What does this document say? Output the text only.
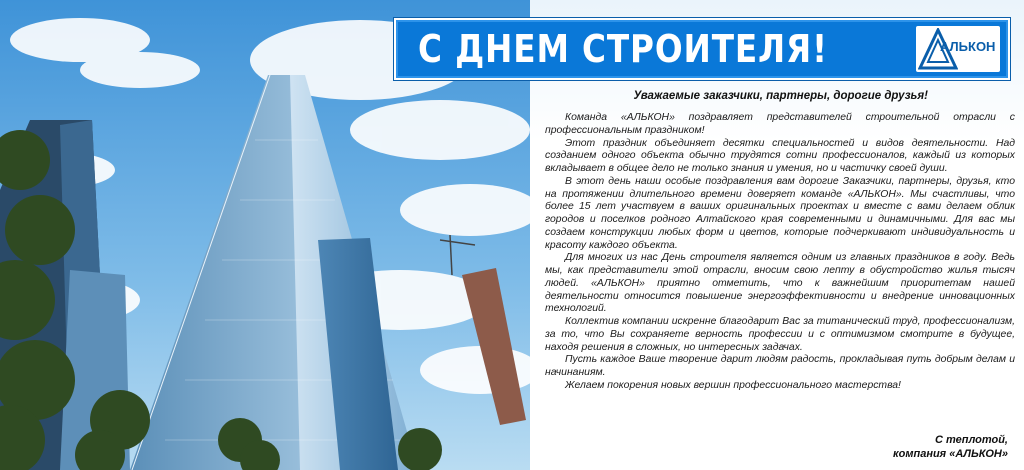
С ДНЕМ СТРОИТЕЛЯ!	АЛЬКОН

Уважаемые заказчики, партнеры, дорогие друзья!

Команда «АЛЬКОН» поздравляет представителей строительной отрасли с профессиональным праздником!

Этот праздник объединяет десятки специальностей и видов деятельности. Над созданием одного объекта обычно трудятся сотни профессионалов, каждый из которых вкладывает в общее дело не только знания и умения, но и частичку своей души.

В этот день наши особые поздравления вам дорогие Заказчики, партнеры, друзья, кто на протяжении длительного времени доверяет команде «АЛЬКОН». Мы счастливы, что более 15 лет участвуем в ваших оригинальных проектах и вместе с вами делаем облик городов и поселков родного Алтайского края современными и динамичными. Для вас мы создаем конструкции любых форм и цветов, которые подчеркивают индивидуальность и красоту каждого объекта.

Для многих из нас День строителя является одним из главных праздников в году. Ведь мы, как представители этой отрасли, вносим свою лепту в обустройство жилья тысяч людей. «АЛЬКОН» приятно отметить, что к важнейшим приоритетам нашей деятельности относится повышение энергоэффективности и внедрение инновационных технологий.

Коллектив компании искренне благодарит Вас за титанический труд, профессионализм, за то, что Вы сохраняете верность профессии и с оптимизмом смотрите в будущее, находя решения в сложных, но интересных задачах.

Пусть каждое Ваше творение дарит людям радость, прокладывая путь добрым делам и начинаниям.

Желаем покорения новых вершин профессионального мастерства!

С теплотой,
компания «АЛЬКОН»
